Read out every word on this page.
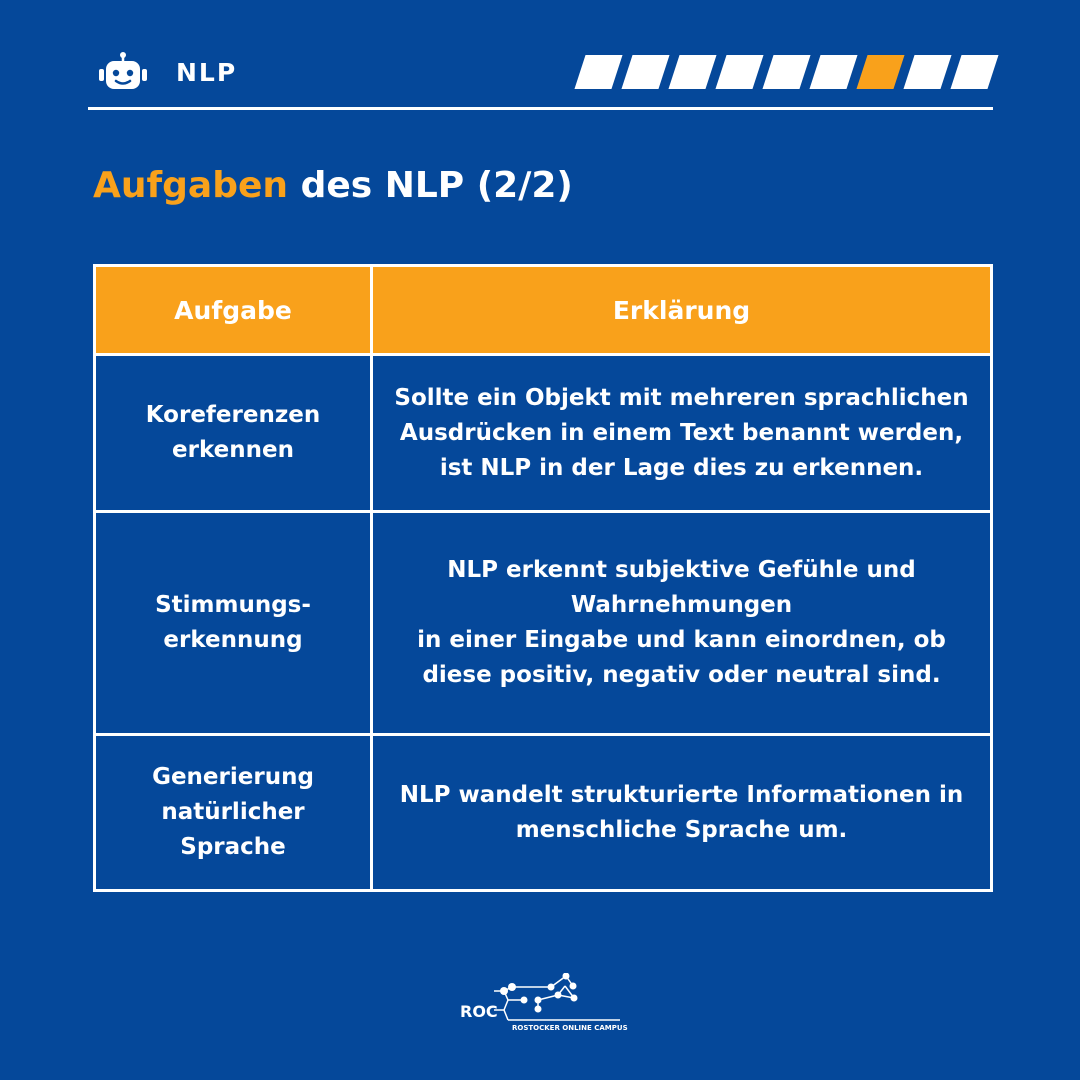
NLP
Aufgaben des NLP (2/2)
Aufgabe	Erklärung
Koreferenzen
erkennen	Sollte ein Objekt mit mehreren sprachlichen
Ausdrücken in einem Text benannt werden,
ist NLP in der Lage dies zu erkennen.
Stimmungs-
erkennung	NLP erkennt subjektive Gefühle und
Wahrnehmungen
in einer Eingabe und kann einordnen, ob
diese positiv, negativ oder neutral sind.
Generierung
natürlicher
Sprache	NLP wandelt strukturierte Informationen in
menschliche Sprache um.
ROC
ROSTOCKER ONLINE CAMPUS
